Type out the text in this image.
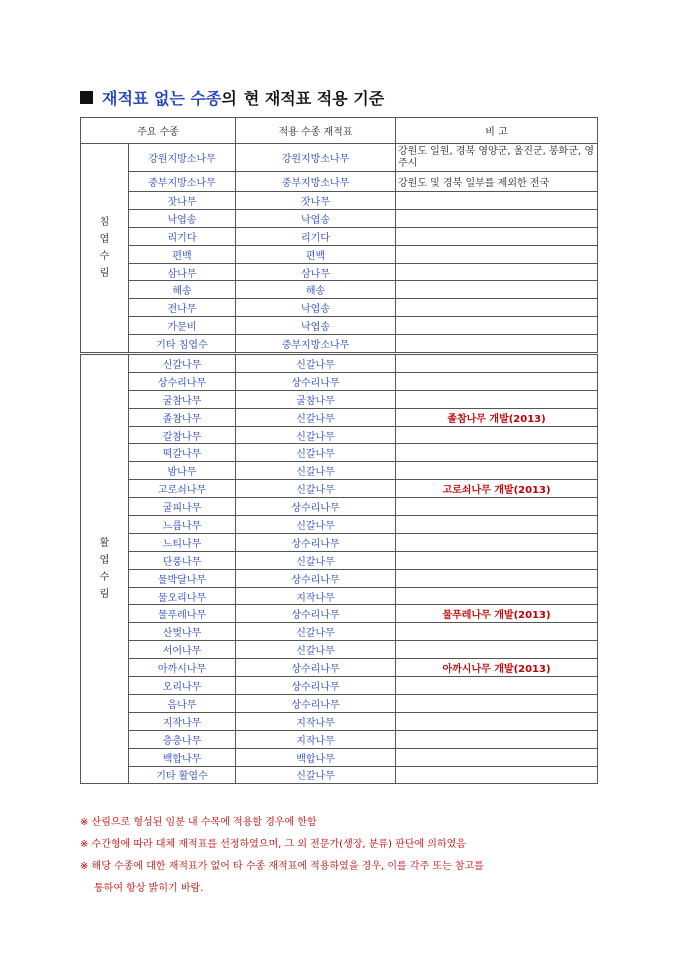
재적표 없는 수종 의 현 재적표 적용 기준
주요 수종		적용 수종 재적표	비 고

침
엽
수
림	강원지방소나무	강원지방소나무	강원도 일원, 경북 영양군, 울진군, 봉화군, 영주시
	중부지방소나무	중부지방소나무	강원도 및 경북 일부를 제외한 전국
	잣나무	잣나무	
	낙엽송	낙엽송	
	리기다	리기다	
	편백	편백	
	삼나무	삼나무	
	해송	해송	
	전나무	낙엽송	
	가문비	낙엽송	
	기타 침엽수	중부지방소나무	

활
엽
수
림	신갈나무	신갈나무	
	상수리나무	상수리나무	
	굴참나무	굴참나무	
	졸참나무	신갈나무	졸참나무 개발(2013)
	갈참나무	신갈나무	
	떡갈나무	신갈나무	
	밤나무	신갈나무	
	고로쇠나무	신갈나무	고로쇠나무 개발(2013)
	굴피나무	상수리나무	
	느릅나무	신갈나무	
	느티나무	상수리나무	
	단풍나무	신갈나무	
	물박달나무	상수리나무	
	물오리나무	지작나무	
	물푸레나무	상수리나무	물푸레나무 개발(2013)
	산벚나무	신갈나무	
	서어나무	신갈나무	
	아까시나무	상수리나무	아까시나무 개발(2013)
	오리나무	상수리나무	
	음나무	상수리나무	
	지작나무	지작나무	
	층층나무	지작나무	
	백합나무	백합나무	
	기타 활엽수	신갈나무	
※ 산림으로 형성된 임분 내 수목에 적용할 경우에 한함
※ 수간형에 따라 대체 재적표를 선정하였으며, 그 외 전문가(생장, 분류) 판단에 의하였음
※ 해당 수종에 대한 재적표가 없어 타 수종 재적표에 적용하였을 경우, 이를 각주 또는 참고를
통하여 항상 밝히기 바람.
